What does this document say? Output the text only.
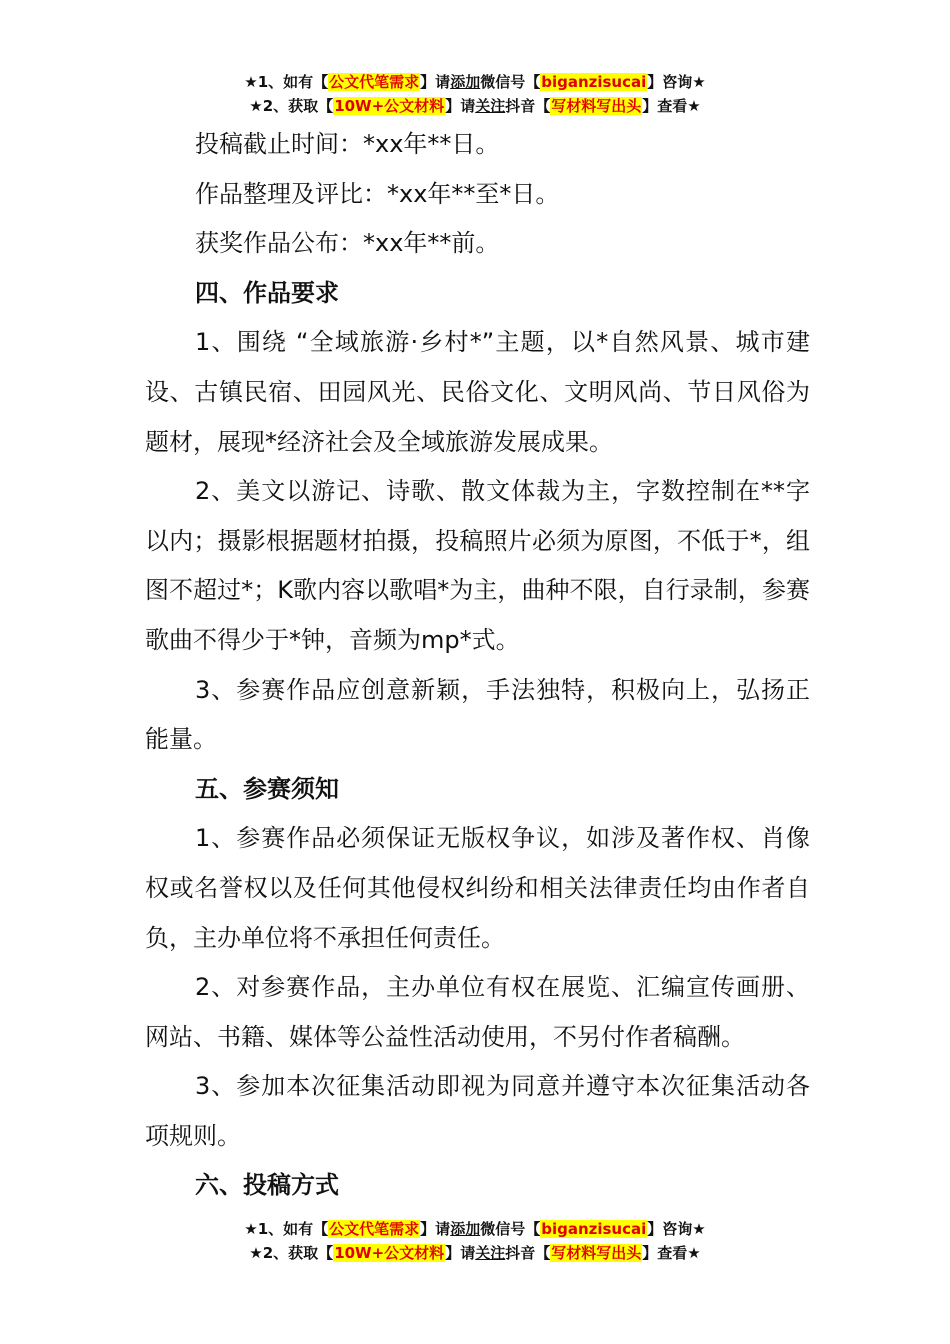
★1、如有【公文代笔需求】请添加微信号【biganzisucai】咨询★
★2、获取【10W+公文材料】请关注抖音【写材料写出头】查看★

投稿截止时间：*xx年**日。

作品整理及评比：*xx年**至*日。

获奖作品公布：*xx年**前。

四、作品要求

1、围绕 “全域旅游·乡村*”主题，以*自然风景、城市建设、古镇民宿、田园风光、民俗文化、文明风尚、节日风俗为题材，展现*经济社会及全域旅游发展成果。

2、美文以游记、诗歌、散文体裁为主，字数控制在**字以内；摄影根据题材拍摄，投稿照片必须为原图，不低于*，组图不超过*；K歌内容以歌唱*为主，曲种不限，自行录制，参赛歌曲不得少于*钟，音频为mp*式。

3、参赛作品应创意新颖，手法独特，积极向上，弘扬正能量。

五、参赛须知

1、参赛作品必须保证无版权争议，如涉及著作权、肖像权或名誉权以及任何其他侵权纠纷和相关法律责任均由作者自负，主办单位将不承担任何责任。

2、对参赛作品，主办单位有权在展览、汇编宣传画册、网站、书籍、媒体等公益性活动使用，不另付作者稿酬。

3、参加本次征集活动即视为同意并遵守本次征集活动各项规则。

六、投稿方式

★1、如有【公文代笔需求】请添加微信号【biganzisucai】咨询★
★2、获取【10W+公文材料】请关注抖音【写材料写出头】查看★
